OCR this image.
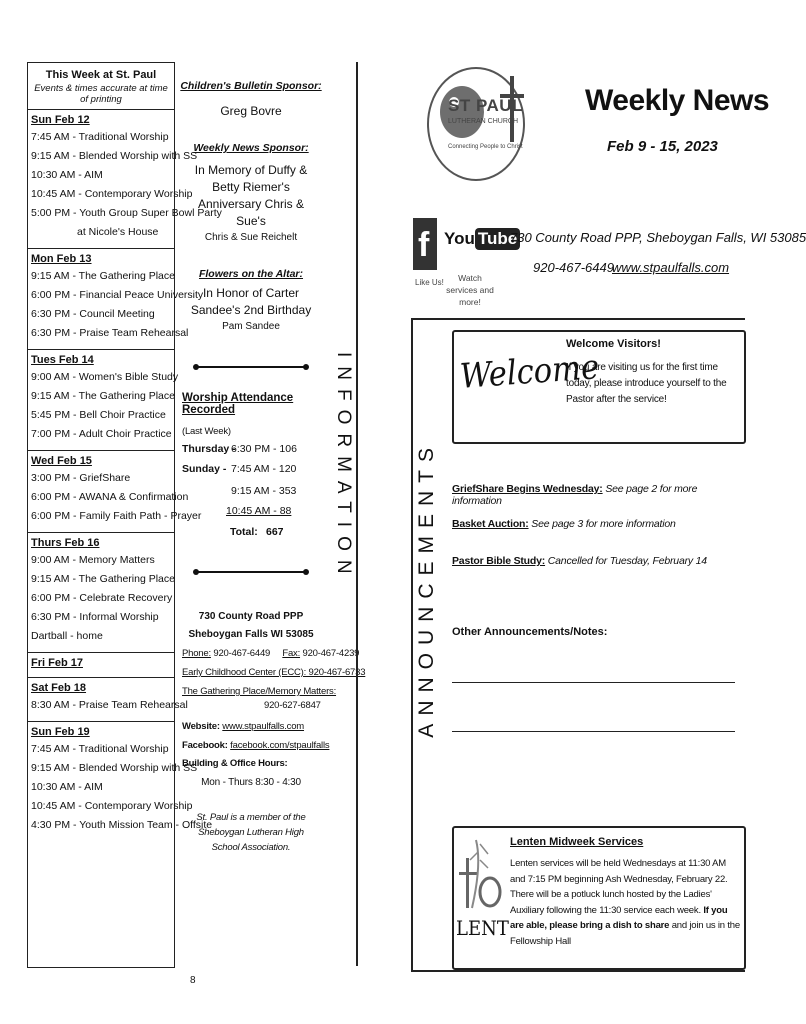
This Week at St. Paul
Events & times accurate at time of printing
Sun Feb 12
7:45 AM - Traditional Worship
9:15 AM - Blended Worship with SS
10:30 AM - AIM
10:45 AM - Contemporary Worship
5:00 PM - Youth Group Super Bowl Party
at Nicole's House
Mon Feb 13
9:15 AM - The Gathering Place
6:00 PM - Financial Peace University
6:30 PM - Council Meeting
6:30 PM - Praise Team Rehearsal
Tues Feb 14
9:00 AM - Women's Bible Study
9:15 AM - The Gathering Place
5:45 PM - Bell Choir Practice
7:00 PM - Adult Choir Practice
Wed Feb 15
3:00 PM - GriefShare
6:00 PM - AWANA & Confirmation
6:00 PM - Family Faith Path - Prayer
Thurs Feb 16
9:00 AM - Memory Matters
9:15 AM - The Gathering Place
6:00 PM - Celebrate Recovery
6:30 PM - Informal Worship
Dartball - home
Fri Feb 17
Sat Feb 18
8:30 AM - Praise Team Rehearsal
Sun Feb 19
7:45 AM - Traditional Worship
9:15 AM - Blended Worship with SS
10:30 AM - AIM
10:45 AM - Contemporary Worship
4:30 PM - Youth Mission Team - Offsite
Children's Bulletin Sponsor:
Greg Bovre
Weekly News Sponsor:
In Memory of Duffy & Betty Riemer's Anniversary Chris & Sue's
Chris & Sue Reichelt
Flowers on the Altar:
In Honor of Carter Sandee's 2nd Birthday
Pam Sandee
Worship Attendance Recorded
(Last Week)
Thursday -
6:30 PM - 106
Sunday - 7:45 AM - 120
9:15 AM - 353
10:45 AM - 88
Total: 667
730 County Road PPP
Sheboygan Falls WI 53085
Phone: 920-467-6449 Fax: 920-467-4239
Early Childhood Center (ECC): 920-467-6733
The Gathering Place/Memory Matters:
920-627-6847
Website: www.stpaulfalls.com
Facebook: facebook.com/stpaulfalls
Building & Office Hours:
Mon - Thurs 8:30 - 4:30
St. Paul is a member of the Sheboygan Lutheran High School Association.
8
INFORMATION
ST PAUL
LUTHERAN CHURCH
Connecting People to Christ
Weekly News
Feb 9 - 15, 2023
f
Like Us!
You Tube
Watch services and more!
730 County Road PPP, Sheboygan Falls, WI 53085
920-467-6449
www.stpaulfalls.com
ANNOUNCEMENTS
Welcome
Welcome Visitors!
If you are visiting us for the first time today, please introduce yourself to the Pastor after the service!
GriefShare Begins Wednesday: See page 2 for more information
Basket Auction: See page 3 for more information
Pastor Bible Study: Cancelled for Tuesday, February 14
Other Announcements/Notes:
LENT
Lenten Midweek Services
Lenten services will be held Wednesdays at 11:30 AM and 7:15 PM beginning Ash Wednesday, February 22. There will be a potluck lunch hosted by the Ladies' Auxiliary following the 11:30 service each week. If you are able, please bring a dish to share and join us in the Fellowship Hall
